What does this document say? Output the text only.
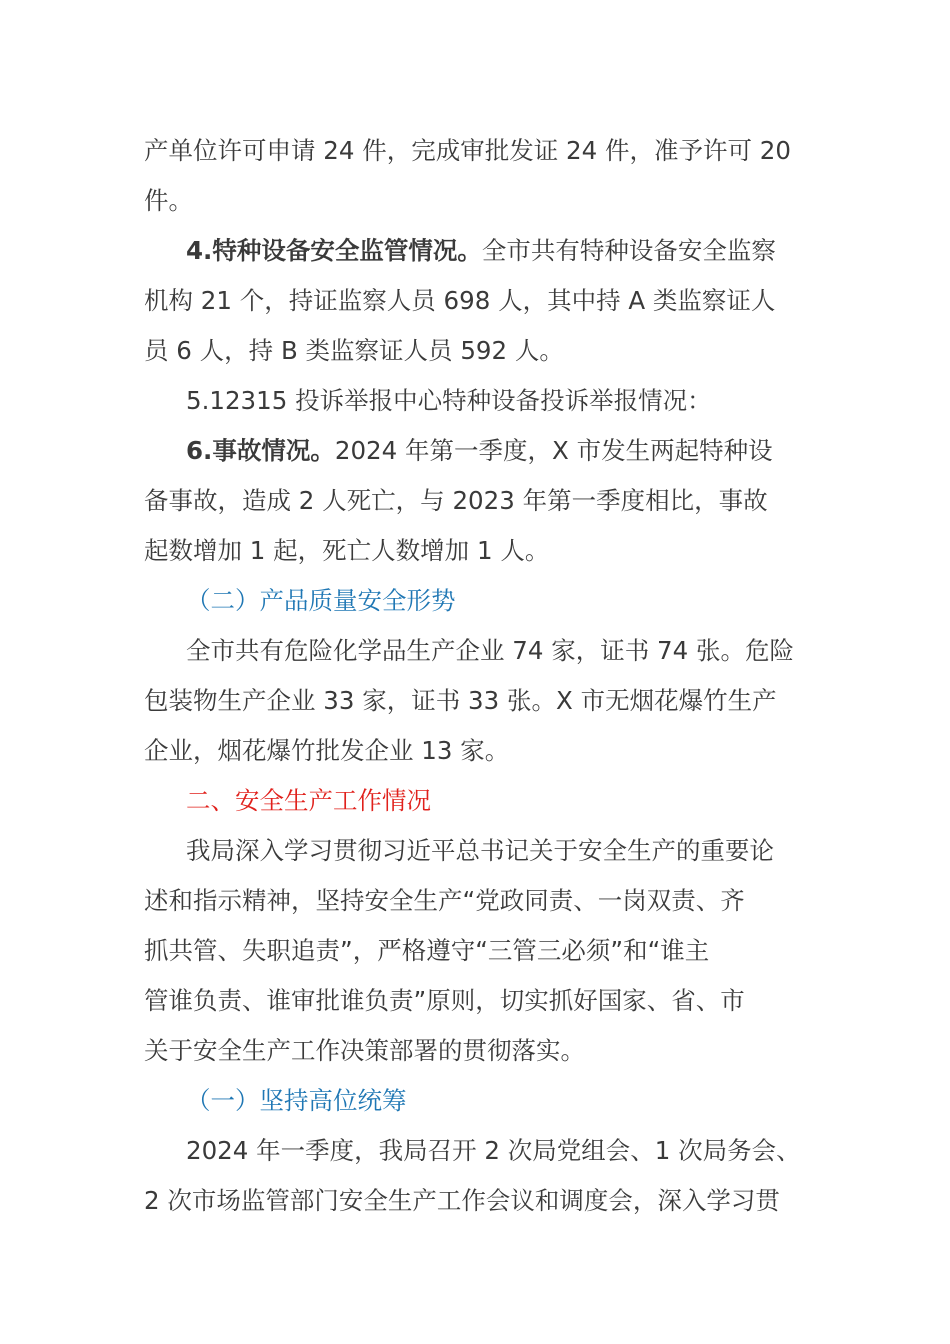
产单位许可申请 24 件，完成审批发证 24 件，准予许可 20
件。
4.特种设备安全监管情况。全市共有特种设备安全监察
机构 21 个，持证监察人员 698 人，其中持 A 类监察证人
员 6 人，持 B 类监察证人员 592 人。
5.12315 投诉举报中心特种设备投诉举报情况：
6.事故情况。2024 年第一季度，X 市发生两起特种设
备事故，造成 2 人死亡，与 2023 年第一季度相比，事故
起数增加 1 起，死亡人数增加 1 人。
（二）产品质量安全形势
全市共有危险化学品生产企业 74 家，证书 74 张。危险
包装物生产企业 33 家，证书 33 张。X 市无烟花爆竹生产
企业，烟花爆竹批发企业 13 家。
二、安全生产工作情况
我局深入学习贯彻习近平总书记关于安全生产的重要论
述和指示精神，坚持安全生产“党政同责、一岗双责、齐
抓共管、失职追责”，严格遵守“三管三必须”和“谁主
管谁负责、谁审批谁负责”原则，切实抓好国家、省、市
关于安全生产工作决策部署的贯彻落实。
（一）坚持高位统筹
2024 年一季度，我局召开 2 次局党组会、1 次局务会、
2 次市场监管部门安全生产工作会议和调度会，深入学习贯
